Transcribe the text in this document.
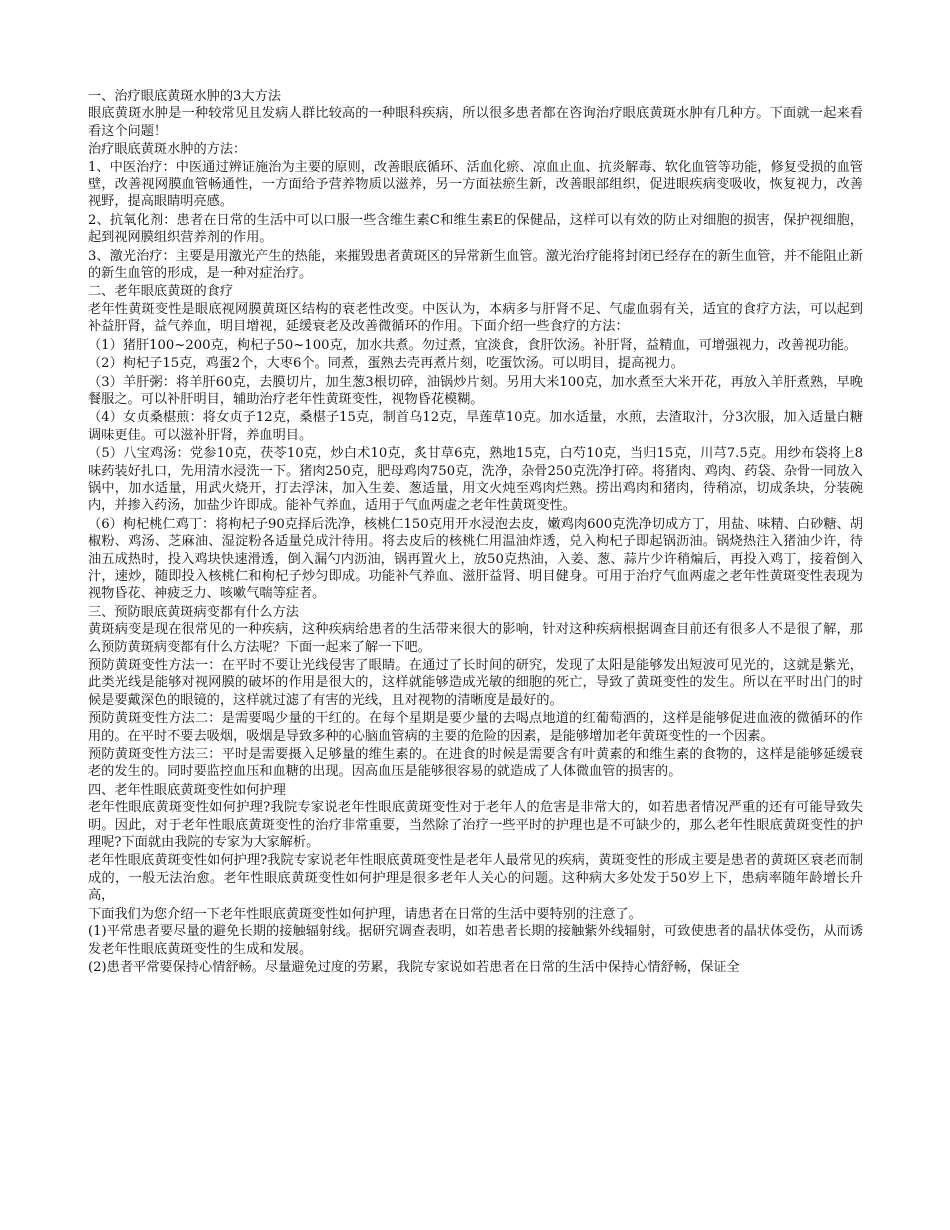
一、治疗眼底黄斑水肿的3大方法

眼底黄斑水肿是一种较常见且发病人群比较高的一种眼科疾病，所以很多患者都在咨询治疗眼底黄斑水肿有几种方。下面就一起来看看这个问题！

治疗眼底黄斑水肿的方法：

1、中医治疗：中医通过辨证施治为主要的原则，改善眼底循环、活血化瘀、凉血止血、抗炎解毒、软化血管等功能，修复受损的血管壁，改善视网膜血管畅通性，一方面给予营养物质以滋养，另一方面祛瘀生新，改善眼部组织，促进眼疾病变吸收，恢复视力，改善视野，提高眼睛明亮感。

2、抗氧化剂：患者在日常的生活中可以口服一些含维生素C和维生素E的保健品，这样可以有效的防止对细胞的损害，保护视细胞，起到视网膜组织营养剂的作用。

3、激光治疗：主要是用激光产生的热能，来摧毁患者黄斑区的异常新生血管。激光治疗能将封闭已经存在的新生血管，并不能阻止新的新生血管的形成，是一种对症治疗。

二、老年眼底黄斑的食疗

老年性黄斑变性是眼底视网膜黄斑区结构的衰老性改变。中医认为，本病多与肝肾不足、气虚血弱有关，适宜的食疗方法，可以起到补益肝肾，益气养血，明目增视，延缓衰老及改善微循环的作用。下面介绍一些食疗的方法：

（1）猪肝100~200克，枸杞子50~100克，加水共煮。勿过煮，宜淡食，食肝饮汤。补肝肾，益精血，可增强视力，改善视功能。

（2）枸杞子15克，鸡蛋2个，大枣6个。同煮，蛋熟去壳再煮片刻，吃蛋饮汤。可以明目，提高视力。

（3）羊肝粥：将羊肝60克，去膜切片，加生葱3根切碎，油锅炒片刻。另用大米100克，加水煮至大米开花，再放入羊肝煮熟，早晚餐服之。可以补肝明目，辅助治疗老年性黄斑变性，视物昏花模糊。

（4）女贞桑椹煎：将女贞子12克，桑椹子15克，制首乌12克，旱莲草10克。加水适量，水煎，去渣取汁，分3次服，加入适量白糖调味更佳。可以滋补肝肾，养血明目。

（5）八宝鸡汤：党参10克，茯苓10克，炒白术10克，炙甘草6克，熟地15克，白芍10克，当归15克，川芎7.5克。用纱布袋将上8味药装好扎口，先用清水浸洗一下。猪肉250克，肥母鸡肉750克，洗净，杂骨250克洗净打碎。将猪肉、鸡肉、药袋、杂骨一同放入锅中，加水适量，用武火烧开，打去浮沫，加入生姜、葱适量，用文火炖至鸡肉烂熟。捞出鸡肉和猪肉，待稍凉，切成条块，分装碗内，并掺入药汤，加盐少许即成。能补气养血，适用于气血两虚之老年性黄斑变性。

（6）枸杞桃仁鸡丁：将枸杞子90克择后洗净，核桃仁150克用开水浸泡去皮，嫩鸡肉600克洗净切成方丁，用盐、味精、白砂糖、胡椒粉、鸡汤、芝麻油、湿淀粉各适量兑成汁待用。将去皮后的核桃仁用温油炸透，兑入枸杞子即起锅沥油。锅烧热注入猪油少许，待油五成热时，投入鸡块快速滑透，倒入漏勺内沥油，锅再置火上，放50克热油，入姜、葱、蒜片少许稍煸后，再投入鸡丁，接着倒入汁，速炒，随即投入核桃仁和枸杞子炒匀即成。功能补气养血、滋肝益肾、明目健身。可用于治疗气血两虚之老年性黄斑变性表现为视物昏花、神疲乏力、咳嗽气喘等症者。

三、预防眼底黄斑病变都有什么方法

黄斑病变是现在很常见的一种疾病，这种疾病给患者的生活带来很大的影响，针对这种疾病根据调查目前还有很多人不是很了解，那么预防黄斑病变都有什么方法呢？下面一起来了解一下吧。

预防黄斑变性方法一：在平时不要让光线侵害了眼睛。在通过了长时间的研究，发现了太阳是能够发出短波可见光的，这就是紫光，此类光线是能够对视网膜的破坏的作用是很大的，这样就能够造成光敏的细胞的死亡，导致了黄斑变性的发生。所以在平时出门的时候是要戴深色的眼镜的，这样就过滤了有害的光线，且对视物的清晰度是最好的。

预防黄斑变性方法二：是需要喝少量的干红的。在每个星期是要少量的去喝点地道的红葡萄酒的，这样是能够促进血液的微循环的作用的。在平时不要去吸烟，吸烟是导致多种的心脑血管病的主要的危险的因素，是能够增加老年黄斑变性的一个因素。

预防黄斑变性方法三：平时是需要摄入足够量的维生素的。在进食的时候是需要含有叶黄素的和维生素的食物的，这样是能够延缓衰老的发生的。同时要监控血压和血糖的出现。因高血压是能够很容易的就造成了人体微血管的损害的。

四、老年性眼底黄斑变性如何护理

老年性眼底黄斑变性如何护理?我院专家说老年性眼底黄斑变性对于老年人的危害是非常大的，如若患者情况严重的还有可能导致失明。因此，对于老年性眼底黄斑变性的治疗非常重要，当然除了治疗一些平时的护理也是不可缺少的，那么老年性眼底黄斑变性的护理呢?下面就由我院的专家为大家解析。

老年性眼底黄斑变性如何护理?我院专家说老年性眼底黄斑变性是老年人最常见的疾病，黄斑变性的形成主要是患者的黄斑区衰老而制成的，一般无法治愈。老年性眼底黄斑变性如何护理是很多老年人关心的问题。这种病大多处发于50岁上下，患病率随年龄增长升高，

下面我们为您介绍一下老年性眼底黄斑变性如何护理，请患者在日常的生活中要特别的注意了。

(1)平常患者要尽量的避免长期的接触辐射线。据研究调查表明，如若患者长期的接触紫外线辐射，可致使患者的晶状体受伤，从而诱发老年性眼底黄斑变性的生成和发展。

(2)患者平常要保持心情舒畅。尽量避免过度的劳累，我院专家说如若患者在日常的生活中保持心情舒畅，保证全
